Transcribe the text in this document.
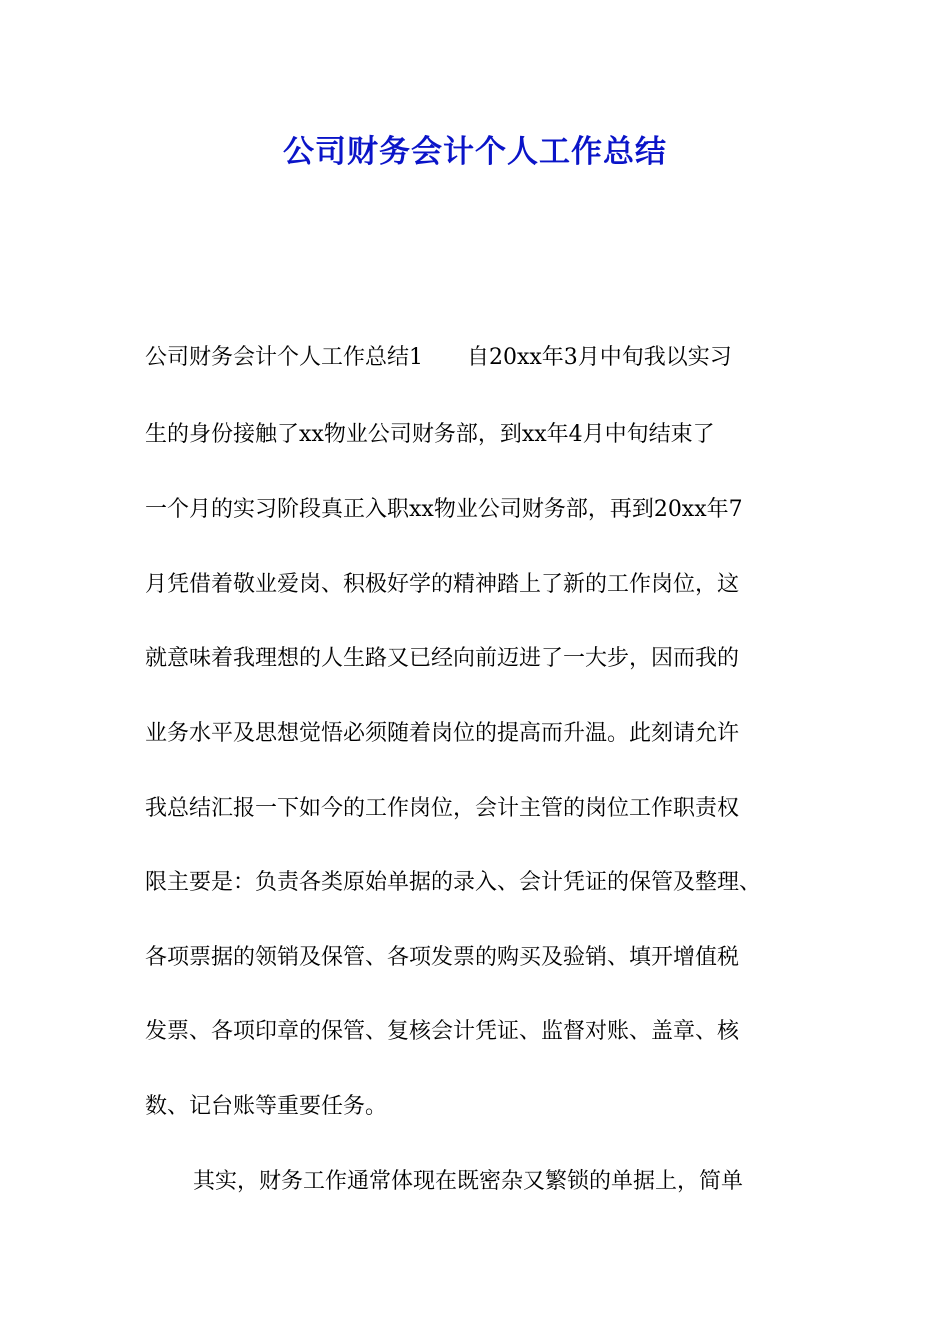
公司财务会计个人工作总结
公司财务会计个人工作总结1　　自20xx年3月中旬我以实习
生的身份接触了xx物业公司财务部，到xx年4月中旬结束了
一个月的实习阶段真正入职xx物业公司财务部，再到20xx年7
月凭借着敬业爱岗、积极好学的精神踏上了新的工作岗位，这
就意味着我理想的人生路又已经向前迈进了一大步，因而我的
业务水平及思想觉悟必须随着岗位的提高而升温。此刻请允许
我总结汇报一下如今的工作岗位，会计主管的岗位工作职责权
限主要是：负责各类原始单据的录入、会计凭证的保管及整理、
各项票据的领销及保管、各项发票的购买及验销、填开增值税
发票、各项印章的保管、复核会计凭证、监督对账、盖章、核
数、记台账等重要任务。
其实，财务工作通常体现在既密杂又繁锁的单据上，简单
